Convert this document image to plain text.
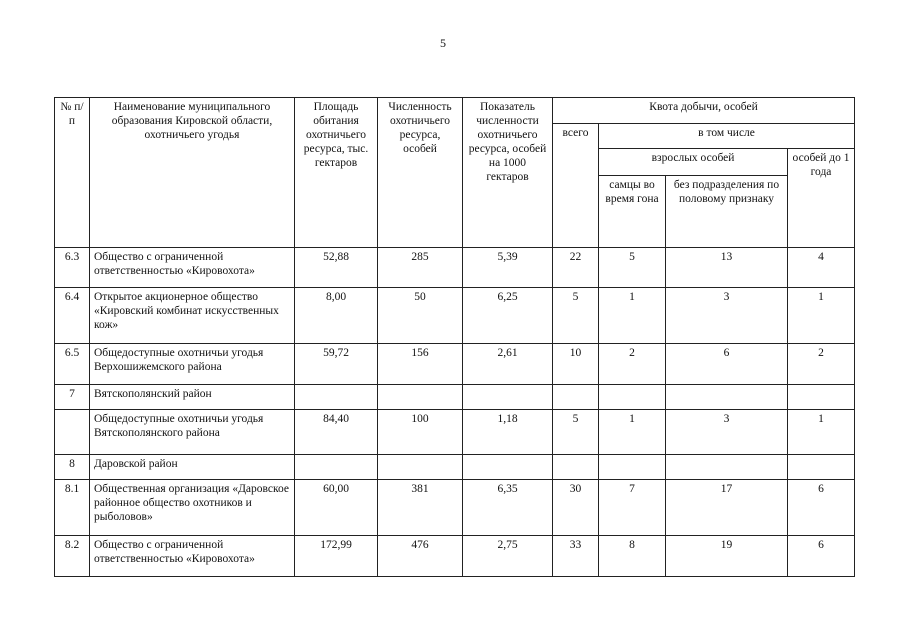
5
№ п/п	Наименование муниципального образования Кировской области, охотничьего угодья	Площадь обитания охотничьего ресурса, тыс. гектаров	Численность охотничьего ресурса, особей	Показатель численности охотничьего ресурса, особей на 1000 гектаров	Квота добычи, особей			
					всего	в том числе		
						взрослых особей		особей до 1 года
						самцы во время гона	без подразделения по половому признаку	
6.3	Общество с ограниченной ответственностью «Кировохота»	52,88	285	5,39	22	5	13	4
6.4	Открытое акционерное общество «Кировский комбинат искусственных кож»	8,00	50	6,25	5	1	3	1
6.5	Общедоступные охотничьи угодья Верхошижемского района	59,72	156	2,61	10	2	6	2
7	Вятскополянский район							
	Общедоступные охотничьи угодья Вятскополянского района	84,40	100	1,18	5	1	3	1
8	Даровской район							
8.1	Общественная организация «Даровское районное общество охотников и рыболовов»	60,00	381	6,35	30	7	17	6
8.2	Общество с ограниченной ответственностью «Кировохота»	172,99	476	2,75	33	8	19	6
